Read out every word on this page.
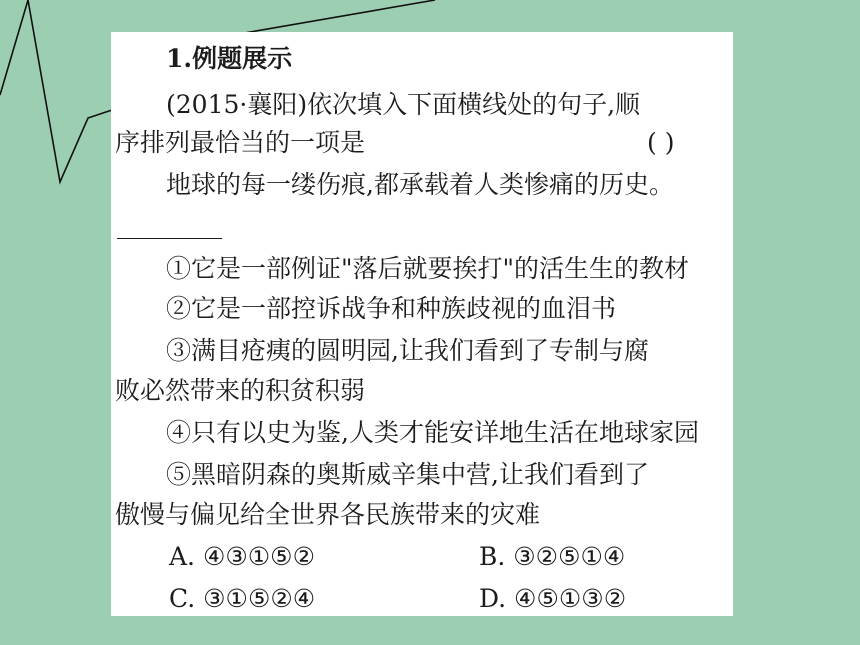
1.例题展示
(2015·襄阳)依次填入下面横线处的句子,顺
序排列最恰当的一项是	( )
地球的每一缕伤痕,都承载着人类惨痛的历史。
①它是一部例证"落后就要挨打"的活生生的教材
②它是一部控诉战争和种族歧视的血泪书
③满目疮痍的圆明园,让我们看到了专制与腐
败必然带来的积贫积弱
④只有以史为鉴,人类才能安详地生活在地球家园
⑤黑暗阴森的奥斯威辛集中营,让我们看到了
傲慢与偏见给全世界各民族带来的灾难
A. ④③①⑤②	B. ③②⑤①④
C. ③①⑤②④	D. ④⑤①③②
